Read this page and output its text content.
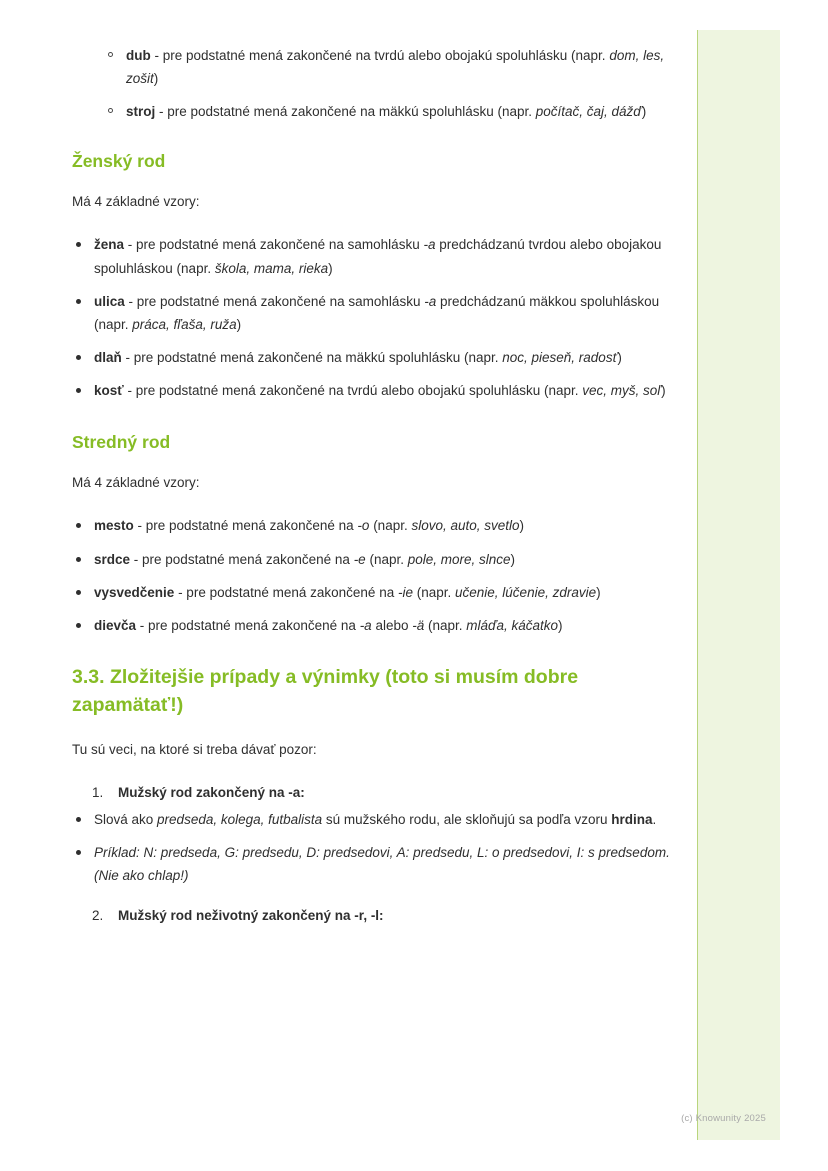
dub - pre podstatné mená zakončené na tvrdú alebo obojakú spoluhlásku (napr. dom, les, zošit)
stroj - pre podstatné mená zakončené na mäkkú spoluhlásku (napr. počítač, čaj, dážď)
Ženský rod

Má 4 základné vzory:

žena - pre podstatné mená zakončené na samohlásku -a predchádzanú tvrdou alebo obojakou spoluhláskou (napr. škola, mama, rieka)
ulica - pre podstatné mená zakončené na samohlásku -a predchádzanú mäkkou spoluhláskou (napr. práca, fľaša, ruža)
dlaň - pre podstatné mená zakončené na mäkkú spoluhlásku (napr. noc, pieseň, radosť)
kosť - pre podstatné mená zakončené na tvrdú alebo obojakú spoluhlásku (napr. vec, myš, soľ)
Stredný rod

Má 4 základné vzory:

mesto - pre podstatné mená zakončené na -o (napr. slovo, auto, svetlo)
srdce - pre podstatné mená zakončené na -e (napr. pole, more, slnce)
vysvedčenie - pre podstatné mená zakončené na -ie (napr. učenie, lúčenie, zdravie)
dievča - pre podstatné mená zakončené na -a alebo -ä (napr. mláďa, káčatko)
3.3. Zložitejšie prípady a výnimky (toto si musím dobre zapamätať!)

Tu sú veci, na ktoré si treba dávať pozor:

1. Mužský rod zakončený na -a:
Slová ako predseda, kolega, futbalista sú mužského rodu, ale skloňujú sa podľa vzoru hrdina.
Príklad: N: predseda, G: predsedu, D: predsedovi, A: predsedu, L: o predsedovi, I: s predsedom. (Nie ako chlap!)
2. Mužský rod neživotný zakončený na -r, -l:
(c) Knowunity 2025
